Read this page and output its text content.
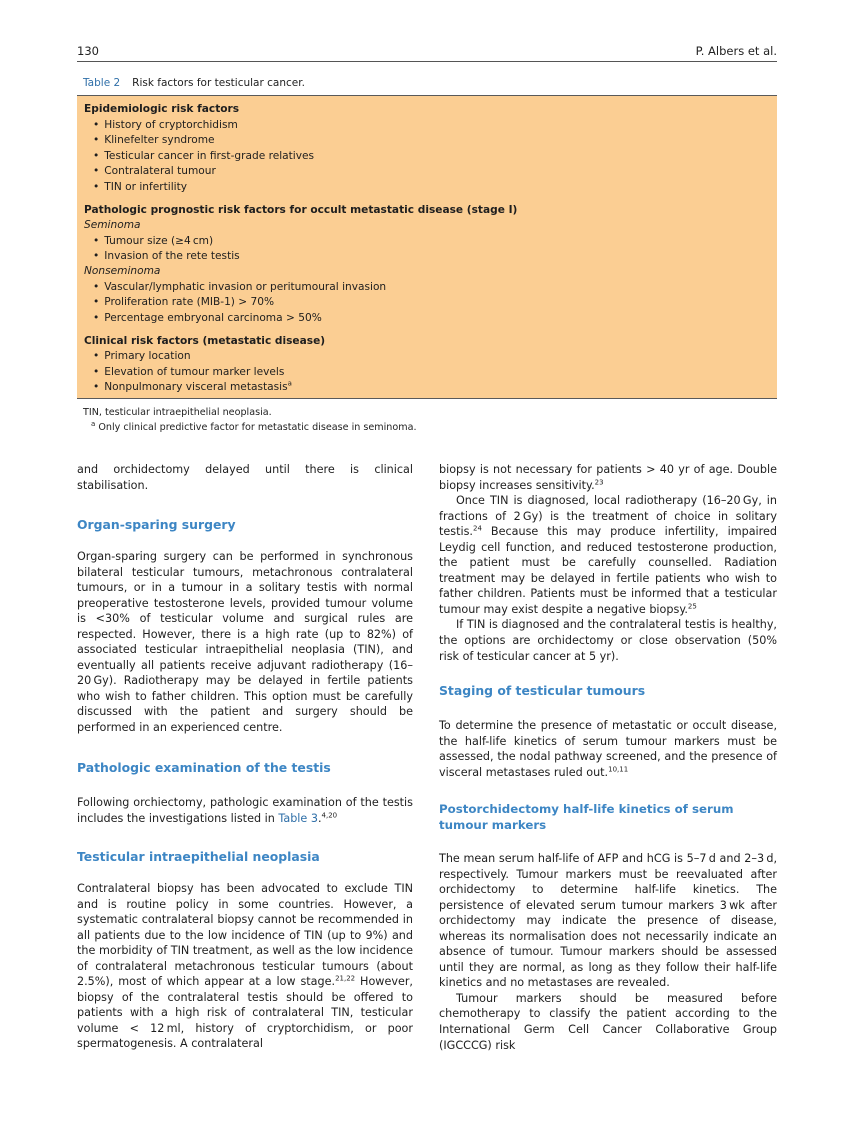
130	P. Albers et al.
Table 2 Risk factors for testicular cancer.
Epidemiologic risk factors
• History of cryptorchidism
• Klinefelter syndrome
• Testicular cancer in first-grade relatives
• Contralateral tumour
• TIN or infertility
Pathologic prognostic risk factors for occult metastatic disease (stage I)
Seminoma
• Tumour size (≥4 cm)
• Invasion of the rete testis
Nonseminoma
• Vascular/lymphatic invasion or peritumoural invasion
• Proliferation rate (MIB-1) > 70%
• Percentage embryonal carcinoma > 50%
Clinical risk factors (metastatic disease)
• Primary location
• Elevation of tumour marker levels
• Nonpulmonary visceral metastasis$^a$
TIN, testicular intraepithelial neoplasia.
$^a$ Only clinical predictive factor for metastatic disease in seminoma.

and orchidectomy delayed until there is clinical stabilisation.

Organ-sparing surgery

Organ-sparing surgery can be performed in synchronous bilateral testicular tumours, metachronous contralateral tumours, or in a tumour in a solitary testis with normal preoperative testosterone levels, provided tumour volume is <30% of testicular volume and surgical rules are respected. However, there is a high rate (up to 82%) of associated testicular intraepithelial neoplasia (TIN), and eventually all patients receive adjuvant radiotherapy (16–20 Gy). Radiotherapy may be delayed in fertile patients who wish to father children. This option must be carefully discussed with the patient and surgery should be performed in an experienced centre.

Pathologic examination of the testis

Following orchiectomy, pathologic examination of the testis includes the investigations listed in Table 3.$^{4,20}$

Testicular intraepithelial neoplasia

Contralateral biopsy has been advocated to exclude TIN and is routine policy in some countries. However, a systematic contralateral biopsy cannot be recommended in all patients due to the low incidence of TIN (up to 9%) and the morbidity of TIN treatment, as well as the low incidence of contralateral metachronous testicular tumours (about 2.5%), most of which appear at a low stage.$^{21,22}$ However, biopsy of the contralateral testis should be offered to patients with a high risk of contralateral TIN, testicular volume < 12 ml, history of cryptorchidism, or poor spermatogenesis. A contralateral

biopsy is not necessary for patients > 40 yr of age. Double biopsy increases sensitivity.$^{23}$

Once TIN is diagnosed, local radiotherapy (16–20 Gy, in fractions of 2 Gy) is the treatment of choice in solitary testis.$^{24}$ Because this may produce infertility, impaired Leydig cell function, and reduced testosterone production, the patient must be carefully counselled. Radiation treatment may be delayed in fertile patients who wish to father children. Patients must be informed that a testicular tumour may exist despite a negative biopsy.$^{25}$

If TIN is diagnosed and the contralateral testis is healthy, the options are orchidectomy or close observation (50% risk of testicular cancer at 5 yr).

Staging of testicular tumours

To determine the presence of metastatic or occult disease, the half-life kinetics of serum tumour markers must be assessed, the nodal pathway screened, and the presence of visceral metastases ruled out.$^{10,11}$

Postorchidectomy half-life kinetics of serum tumour markers

The mean serum half-life of AFP and hCG is 5–7 d and 2–3 d, respectively. Tumour markers must be reevaluated after orchidectomy to determine half-life kinetics. The persistence of elevated serum tumour markers 3 wk after orchidectomy may indicate the presence of disease, whereas its normalisation does not necessarily indicate an absence of tumour. Tumour markers should be assessed until they are normal, as long as they follow their half-life kinetics and no metastases are revealed.

Tumour markers should be measured before chemotherapy to classify the patient according to the International Germ Cell Cancer Collaborative Group (IGCCCG) risk
